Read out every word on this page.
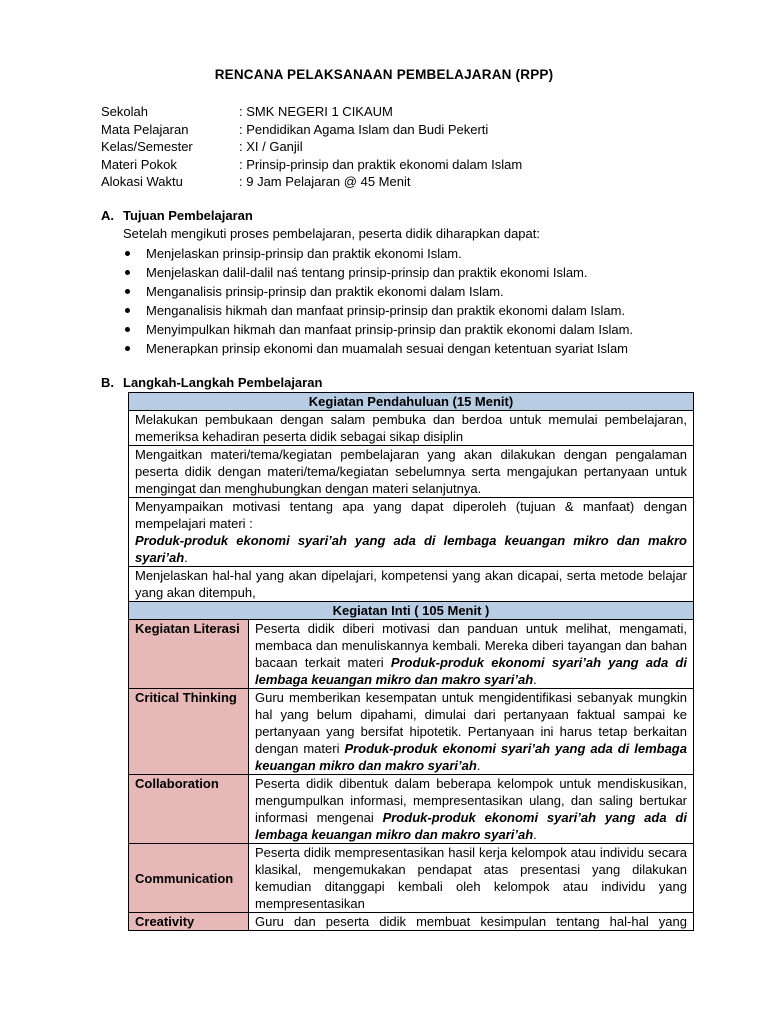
RENCANA PELAKSANAAN PEMBELAJARAN (RPP)
Sekolah	: SMK NEGERI 1 CIKAUM
Mata Pelajaran	: Pendidikan Agama Islam dan Budi Pekerti
Kelas/Semester	: XI / Ganjil
Materi Pokok	: Prinsip-prinsip dan praktik ekonomi dalam Islam
Alokasi Waktu	: 9 Jam Pelajaran @ 45 Menit
A. Tujuan Pembelajaran
Setelah mengikuti proses pembelajaran, peserta didik diharapkan dapat:
Menjelaskan prinsip-prinsip dan praktik ekonomi Islam.
Menjelaskan dalil-dalil naś tentang prinsip-prinsip dan praktik ekonomi Islam.
Menganalisis prinsip-prinsip dan praktik ekonomi dalam Islam.
Menganalisis hikmah dan manfaat prinsip-prinsip dan praktik ekonomi dalam Islam.
Menyimpulkan hikmah dan manfaat prinsip-prinsip dan praktik ekonomi dalam Islam.
Menerapkan prinsip ekonomi dan muamalah sesuai dengan ketentuan syariat Islam
B. Langkah-Langkah Pembelajaran
Kegiatan Pendahuluan (15 Menit)	
Melakukan pembukaan dengan salam pembuka dan berdoa untuk memulai pembelajaran, memeriksa kehadiran peserta didik sebagai sikap disiplin	
Mengaitkan materi/tema/kegiatan pembelajaran yang akan dilakukan dengan pengalaman peserta didik dengan materi/tema/kegiatan sebelumnya serta mengajukan pertanyaan untuk mengingat dan menghubungkan dengan materi selanjutnya.	
Menyampaikan motivasi tentang apa yang dapat diperoleh (tujuan & manfaat) dengan mempelajari materi :
Produk-produk ekonomi syari’ah yang ada di lembaga keuangan mikro dan makro syari’ah.	
Menjelaskan hal-hal yang akan dipelajari, kompetensi yang akan dicapai, serta metode belajar yang akan ditempuh,	
Kegiatan Inti ( 105 Menit )	
Kegiatan Literasi	Peserta didik diberi motivasi dan panduan untuk melihat, mengamati, membaca dan menuliskannya kembali. Mereka diberi tayangan dan bahan bacaan terkait materi Produk-produk ekonomi syari’ah yang ada di lembaga keuangan mikro dan makro syari’ah.
Critical Thinking	Guru memberikan kesempatan untuk mengidentifikasi sebanyak mungkin hal yang belum dipahami, dimulai dari pertanyaan faktual sampai ke pertanyaan yang bersifat hipotetik. Pertanyaan ini harus tetap berkaitan dengan materi Produk-produk ekonomi syari’ah yang ada di lembaga keuangan mikro dan makro syari’ah.
Collaboration	Peserta didik dibentuk dalam beberapa kelompok untuk mendiskusikan, mengumpulkan informasi, mempresentasikan ulang, dan saling bertukar informasi mengenai Produk-produk ekonomi syari’ah yang ada di lembaga keuangan mikro dan makro syari’ah.
Communication	Peserta didik mempresentasikan hasil kerja kelompok atau individu secara klasikal, mengemukakan pendapat atas presentasi yang dilakukan kemudian ditanggapi kembali oleh kelompok atau individu yang mempresentasikan
Creativity	Guru dan peserta didik membuat kesimpulan tentang hal-hal yang
